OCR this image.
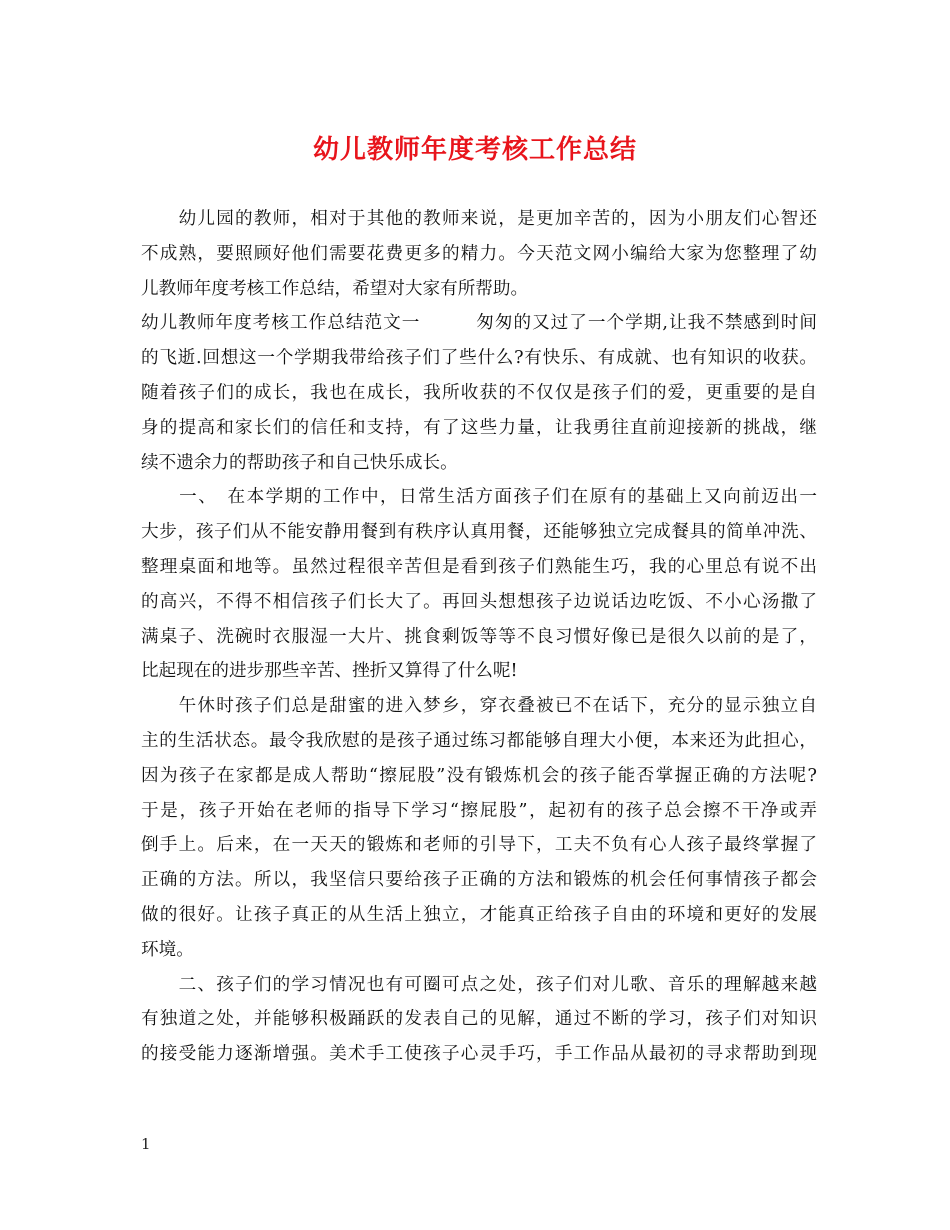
幼儿教师年度考核工作总结
　　幼儿园的教师，相对于其他的教师来说，是更加辛苦的，因为小朋友们心智还
不成熟，要照顾好他们需要花费更多的精力。今天范文网小编给大家为您整理了幼
儿教师年度考核工作总结，希望对大家有所帮助。
幼儿教师年度考核工作总结范文一　　　匆匆的又过了一个学期,让我不禁感到时间
的飞逝.回想这一个学期我带给孩子们了些什么?有快乐、有成就、也有知识的收获。
随着孩子们的成长，我也在成长，我所收获的不仅仅是孩子们的爱，更重要的是自
身的提高和家长们的信任和支持，有了这些力量，让我勇往直前迎接新的挑战，继
续不遗余力的帮助孩子和自己快乐成长。
　　一、　在本学期的工作中，日常生活方面孩子们在原有的基础上又向前迈出一
大步，孩子们从不能安静用餐到有秩序认真用餐，还能够独立完成餐具的简单冲洗、
整理桌面和地等。虽然过程很辛苦但是看到孩子们熟能生巧，我的心里总有说不出
的高兴，不得不相信孩子们长大了。再回头想想孩子边说话边吃饭、不小心汤撒了
满桌子、洗碗时衣服湿一大片、挑食剩饭等等不良习惯好像已是很久以前的是了，
比起现在的进步那些辛苦、挫折又算得了什么呢!
　　午休时孩子们总是甜蜜的进入梦乡，穿衣叠被已不在话下，充分的显示独立自
主的生活状态。最令我欣慰的是孩子通过练习都能够自理大小便，本来还为此担心，
因为孩子在家都是成人帮助“擦屁股”没有锻炼机会的孩子能否掌握正确的方法呢?
于是，孩子开始在老师的指导下学习“擦屁股”，起初有的孩子总会擦不干净或弄
倒手上。后来，在一天天的锻炼和老师的引导下，工夫不负有心人孩子最终掌握了
正确的方法。所以，我坚信只要给孩子正确的方法和锻炼的机会任何事情孩子都会
做的很好。让孩子真正的从生活上独立，才能真正给孩子自由的环境和更好的发展
环境。
　　二、孩子们的学习情况也有可圈可点之处，孩子们对儿歌、音乐的理解越来越
有独道之处，并能够积极踊跃的发表自己的见解，通过不断的学习，孩子们对知识
的接受能力逐渐增强。美术手工使孩子心灵手巧，手工作品从最初的寻求帮助到现
1
